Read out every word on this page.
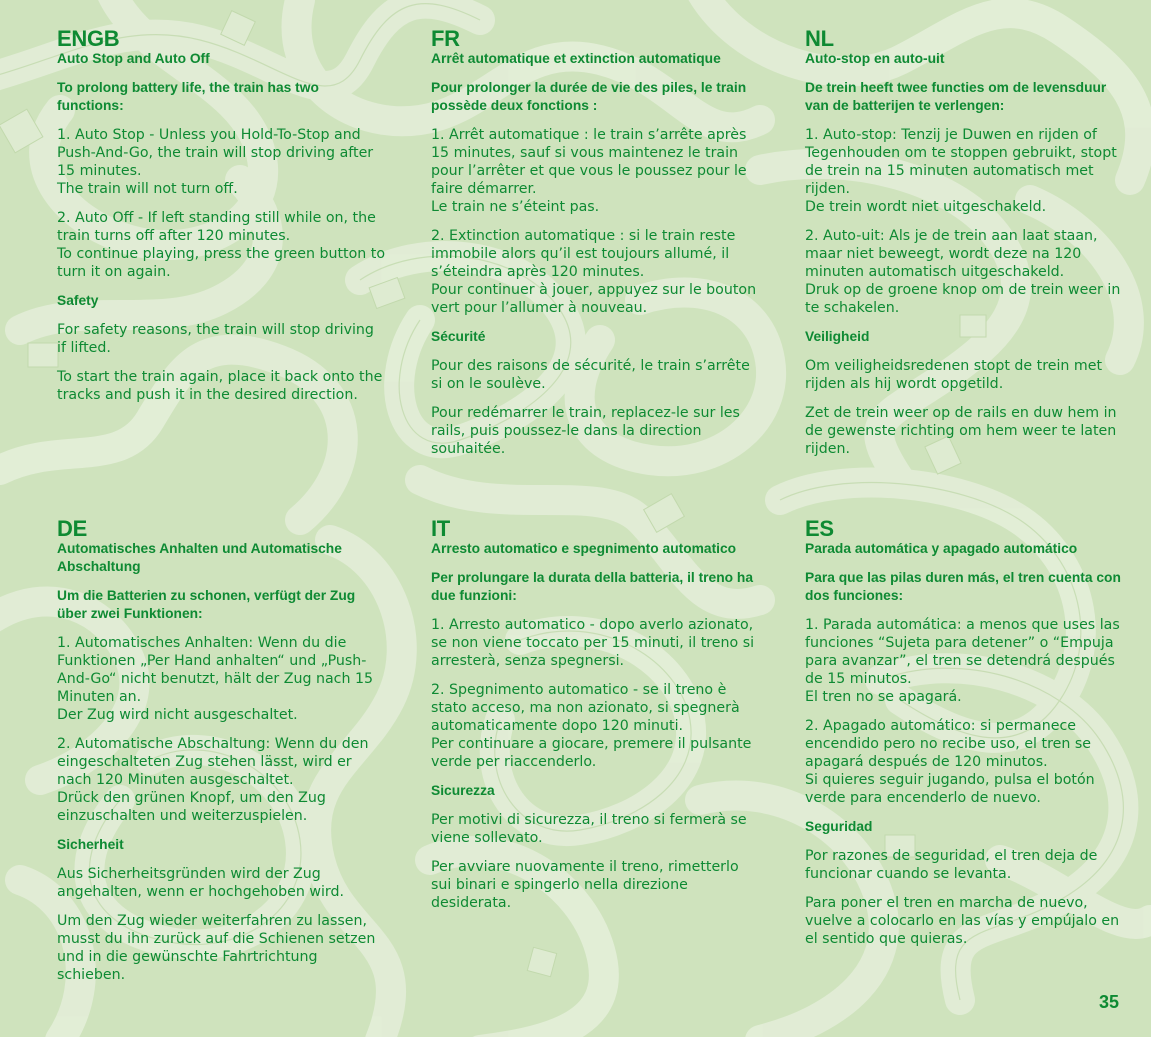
ENGB
Auto Stop and Auto Off
To prolong battery life, the train has two functions:
1. Auto Stop - Unless you Hold-To-Stop and Push-And-Go, the train will stop driving after 15 minutes.
The train will not turn off.
2. Auto Off - If left standing still while on, the train turns off after 120 minutes.
To continue playing, press the green button to turn it on again.
Safety
For safety reasons, the train will stop driving if lifted.
To start the train again, place it back onto the tracks and push it in the desired direction.
FR
Arrêt automatique et extinction automatique
Pour prolonger la durée de vie des piles, le train possède deux fonctions :
1. Arrêt automatique : le train s’arrête après 15 minutes, sauf si vous maintenez le train pour l’arrêter et que vous le poussez pour le faire démarrer.
Le train ne s’éteint pas.
2. Extinction automatique : si le train reste immobile alors qu’il est toujours allumé, il s’éteindra après 120 minutes.
Pour continuer à jouer, appuyez sur le bouton vert pour l’allumer à nouveau.
Sécurité
Pour des raisons de sécurité, le train s’arrête si on le soulève.
Pour redémarrer le train, replacez-le sur les rails, puis poussez-le dans la direction souhaitée.
NL
Auto-stop en auto-uit
De trein heeft twee functies om de levensduur van de batterijen te verlengen:
1. Auto-stop: Tenzij je Duwen en rijden of Tegenhouden om te stoppen gebruikt, stopt de trein na 15 minuten automatisch met rijden.
De trein wordt niet uitgeschakeld.
2. Auto-uit: Als je de trein aan laat staan, maar niet beweegt, wordt deze na 120 minuten automatisch uitgeschakeld.
Druk op de groene knop om de trein weer in te schakelen.
Veiligheid
Om veiligheidsredenen stopt de trein met rijden als hij wordt opgetild.
Zet de trein weer op de rails en duw hem in de gewenste richting om hem weer te laten rijden.
DE
Automatisches Anhalten und Automatische Abschaltung
Um die Batterien zu schonen, verfügt der Zug über zwei Funktionen:
1. Automatisches Anhalten: Wenn du die Funktionen „Per Hand anhalten“ und „Push-And-Go“ nicht benutzt, hält der Zug nach 15 Minuten an.
Der Zug wird nicht ausgeschaltet.
2. Automatische Abschaltung: Wenn du den eingeschalteten Zug stehen lässt, wird er nach 120 Minuten ausgeschaltet.
Drück den grünen Knopf, um den Zug einzuschalten und weiterzuspielen.
Sicherheit
Aus Sicherheitsgründen wird der Zug angehalten, wenn er hochgehoben wird.
Um den Zug wieder weiterfahren zu lassen, musst du ihn zurück auf die Schienen setzen und in die gewünschte Fahrtrichtung schieben.
IT
Arresto automatico e spegnimento automatico
Per prolungare la durata della batteria, il treno ha due funzioni:
1. Arresto automatico - dopo averlo azionato, se non viene toccato per 15 minuti, il treno si arresterà, senza spegnersi.
2. Spegnimento automatico - se il treno è stato acceso, ma non azionato, si spegnerà automaticamente dopo 120 minuti.
Per continuare a giocare, premere il pulsante verde per riaccenderlo.
Sicurezza
Per motivi di sicurezza, il treno si fermerà se viene sollevato.
Per avviare nuovamente il treno, rimetterlo sui binari e spingerlo nella direzione desiderata.
ES
Parada automática y apagado automático
Para que las pilas duren más, el tren cuenta con dos funciones:
1. Parada automática: a menos que uses las funciones “Sujeta para detener” o “Empuja para avanzar”, el tren se detendrá después de 15 minutos.
El tren no se apagará.
2. Apagado automático: si permanece encendido pero no recibe uso, el tren se apagará después de 120 minutos.
Si quieres seguir jugando, pulsa el botón verde para encenderlo de nuevo.
Seguridad
Por razones de seguridad, el tren deja de funcionar cuando se levanta.
Para poner el tren en marcha de nuevo, vuelve a colocarlo en las vías y empújalo en el sentido que quieras.
35
